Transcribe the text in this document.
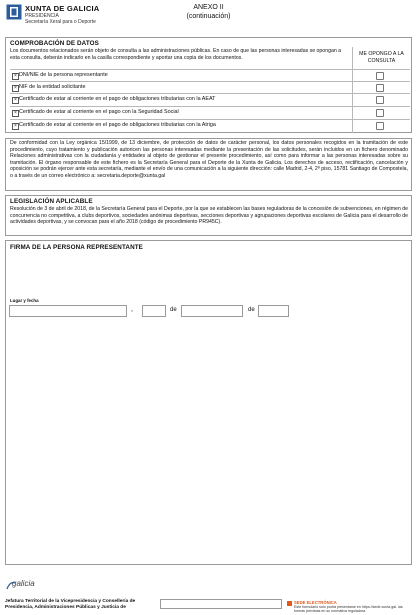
XUNTA DE GALICIA
PRESIDENCIA
Secretaría Xeral para o Deporte
ANEXO II
(continuación)
COMPROBACIÓN DE DATOS
Los documentos relacionados serán objeto de consulta a las administraciones públicas. En caso de que las personas interesadas se opongan a esta consulta, deberán indicarlo en la casilla correspondiente y aportar una copia de los documentos.
ME OPONGO A LA CONSULTA
× DNI/NIE de la persona representante
× NIF de la entidad solicitante
× Certificado de estar al corriente en el pago de obligaciones tributarias con la AEAT
× Certificado de estar al corriente en el pago con la Seguridad Social
× Certificado de estar al corriente en el pago de obligaciones tributarias con la Atriga
De conformidad con la Ley orgánica 15/1999, de 13 diciembre, de protección de datos de carácter personal, los datos personales recogidos en la tramitación de este procedimiento, cuyo tratamiento y publicación autoricen las personas interesadas mediante la presentación de las solicitudes, serán incluidos en un fichero denominado Relaciones administrativas con la ciudadanía y entidades al objeto de gestionar el presente procedimiento, así como para informar a las personas interesadas sobre su tramitación. El órgano responsable de este fichero es la Secretaría General para el Deporte de la Xunta de Galicia. Los derechos de acceso, rectificación, cancelación y oposición se podrán ejercer ante esta secretaría, mediante el envío de una comunicación a la siguiente dirección: calle Madrid, 2-4, 2º piso, 15781 Santiago de Compostela, o a través de un correo electrónico a: secretaria.deporte@xunta.gal
LEGISLACIÓN APLICABLE
Resolución de 3 de abril de 2018, de la Secretaría General para el Deporte, por la que se establecen las bases reguladoras de la concesión de subvenciones, en régimen de concurrencia no competitiva, a clubs deportivos, sociedades anónimas deportivas, secciones deportivas y agrupaciones deportivas escolares de Galicia para el desarrollo de actividades deportivas, y se convocan para el año 2018 (código de procedimiento PR945C).
FIRMA DE LA PERSONA REPRESENTANTE
Lugar y fecha
,	de	de
galicia
Jefatura Territorial de la Vicepresidencia y Consellería de Presidencia, Administraciones Públicas y Justicia de
SEDE ELECTRÓNICA
Este formulario solo podrá presentarse en https://sede.xunta.gal. las formas previstas en su normativa reguladora.
